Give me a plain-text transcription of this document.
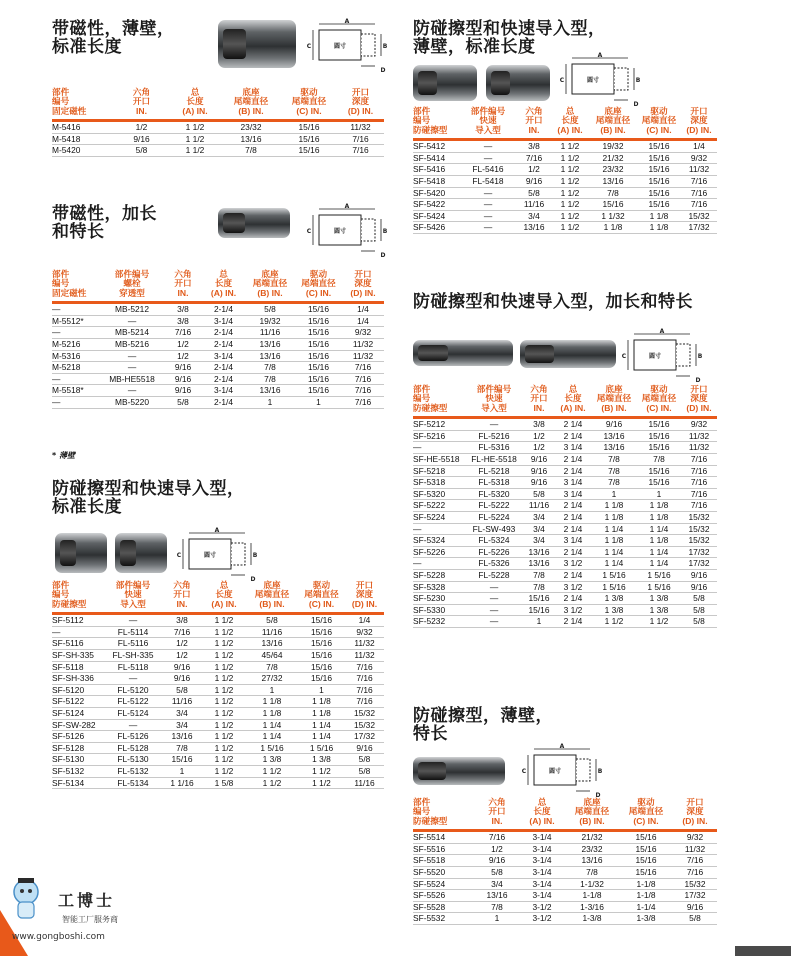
带磁性，薄壁，
标准长度
A
C	B
D
圆寸
部件
编号
固定磁性	六角
开口
IN.	总
长度
(A) IN.	底座
尾端直径
(B) IN.	驱动
尾端直径
(C) IN.	开口
深度
(D) IN.
M-5416	1/2	1 1/2	23/32	15/16	11/32
M-5418	9/16	1 1/2	13/16	15/16	7/16
M-5420	5/8	1 1/2	7/8	15/16	7/16
带磁性，加长
和特长
A
C	B
D
圆寸
部件
编号
固定磁性	部件编号
螺栓
穿透型	六角
开口
IN.	总
长度
(A) IN.	底座
尾端直径
(B) IN.	驱动
尾端直径
(C) IN.	开口
深度
(D) IN.
—	MB-5212	3/8	2-1/4	5/8	15/16	1/4
M-5512*	—	3/8	3-1/4	19/32	15/16	1/4
—	MB-5214	7/16	2-1/4	11/16	15/16	9/32
M-5216	MB-5216	1/2	2-1/4	13/16	15/16	11/32
M-5316	—	1/2	3-1/4	13/16	15/16	11/32
M-5218	—	9/16	2-1/4	7/8	15/16	7/16
—	MB-HE5518	9/16	2-1/4	7/8	15/16	7/16
M-5518*	—	9/16	3-1/4	13/16	15/16	7/16
—	MB-5220	5/8	2-1/4	1	1	7/16
* 薄壁
防碰擦型和快速导入型，
标准长度
A
C	B
D
圆寸
部件
编号
防碰擦型	部件编号
快速
导入型	六角
开口
IN.	总
长度
(A) IN.	底座
尾端直径
(B) IN.	驱动
尾端直径
(C) IN.	开口
深度
(D) IN.
SF-5112	—	3/8	1 1/2	5/8	15/16	1/4
—	FL-5114	7/16	1 1/2	11/16	15/16	9/32
SF-5116	FL-5116	1/2	1 1/2	13/16	15/16	11/32
SF-SH-335	FL-SH-335	1/2	1 1/2	45/64	15/16	11/32
SF-5118	FL-5118	9/16	1 1/2	7/8	15/16	7/16
SF-SH-336	—	9/16	1 1/2	27/32	15/16	7/16
SF-5120	FL-5120	5/8	1 1/2	1	1	7/16
SF-5122	FL-5122	11/16	1 1/2	1 1/8	1 1/8	7/16
SF-5124	FL-5124	3/4	1 1/2	1 1/8	1 1/8	15/32
SF-SW-282	—	3/4	1 1/2	1 1/4	1 1/4	15/32
SF-5126	FL-5126	13/16	1 1/2	1 1/4	1 1/4	17/32
SF-5128	FL-5128	7/8	1 1/2	1 5/16	1 5/16	9/16
SF-5130	FL-5130	15/16	1 1/2	1 3/8	1 3/8	5/8
SF-5132	FL-5132	1	1 1/2	1 1/2	1 1/2	5/8
SF-5134	FL-5134	1 1/16	1 5/8	1 1/2	1 1/2	11/16
防碰擦型和快速导入型，
薄壁，标准长度	A
C	B
D
圆寸
部件
编号
防碰擦型	部件编号
快速
导入型	六角
开口
IN.	总
长度
(A) IN.	底座
尾端直径
(B) IN.	驱动
尾端直径
(C) IN.	开口
深度
(D) IN.
SF-5412	—	3/8	1 1/2	19/32	15/16	1/4
SF-5414	—	7/16	1 1/2	21/32	15/16	9/32
SF-5416	FL-5416	1/2	1 1/2	23/32	15/16	11/32
SF-5418	FL-5418	9/16	1 1/2	13/16	15/16	7/16
SF-5420	—	5/8	1 1/2	7/8	15/16	7/16
SF-5422	—	11/16	1 1/2	15/16	15/16	7/16
SF-5424	—	3/4	1 1/2	1 1/32	1 1/8	15/32
SF-5426	—	13/16	1 1/2	1 1/8	1 1/8	17/32
防碰擦型和快速导入型，加长和特长
A
C	B
D
圆寸
部件
编号
防碰擦型	部件编号
快速
导入型	六角
开口
IN.	总
长度
(A) IN.	底座
尾端直径
(B) IN.	驱动
尾端直径
(C) IN.	开口
深度
(D) IN.
SF-5212	—	3/8	2 1/4	9/16	15/16	9/32
SF-5216	FL-5216	1/2	2 1/4	13/16	15/16	11/32
—	FL-5316	1/2	3 1/4	13/16	15/16	11/32
SF-HE-5518	FL-HE-5518	9/16	2 1/4	7/8	7/8	7/16
SF-5218	FL-5218	9/16	2 1/4	7/8	15/16	7/16
SF-5318	FL-5318	9/16	3 1/4	7/8	15/16	7/16
SF-5320	FL-5320	5/8	3 1/4	1	1	7/16
SF-5222	FL-5222	11/16	2 1/4	1 1/8	1 1/8	7/16
SF-5224	FL-5224	3/4	2 1/4	1 1/8	1 1/8	15/32
—	FL-SW-493	3/4	2 1/4	1 1/4	1 1/4	15/32
SF-5324	FL-5324	3/4	3 1/4	1 1/8	1 1/8	15/32
SF-5226	FL-5226	13/16	2 1/4	1 1/4	1 1/4	17/32
—	FL-5326	13/16	3 1/2	1 1/4	1 1/4	17/32
SF-5228	FL-5228	7/8	2 1/4	1 5/16	1 5/16	9/16
SF-5328	—	7/8	3 1/2	1 5/16	1 5/16	9/16
SF-5230	—	15/16	2 1/4	1 3/8	1 3/8	5/8
SF-5330	—	15/16	3 1/2	1 3/8	1 3/8	5/8
SF-5232	—	1	2 1/4	1 1/2	1 1/2	5/8
防碰擦型，薄壁，
特长
A
C	B
D
圆寸
部件
编号
防碰擦型	六角
开口
IN.	总
长度
(A) IN.	底座
尾端直径
(B) IN.	驱动
尾端直径
(C) IN.	开口
深度
(D) IN.
SF-5514	7/16	3-1/4	21/32	15/16	9/32
SF-5516	1/2	3-1/4	23/32	15/16	11/32
SF-5518	9/16	3-1/4	13/16	15/16	7/16
SF-5520	5/8	3-1/4	7/8	15/16	7/16
SF-5524	3/4	3-1/4	1-1/32	1-1/8	15/32
SF-5526	13/16	3-1/4	1-1/8	1-1/8	17/32
SF-5528	7/8	3-1/2	1-3/16	1-1/4	9/16
SF-5532	1	3-1/2	1-3/8	1-3/8	5/8
工博士
智能工厂服务商
www.gongboshi.com
